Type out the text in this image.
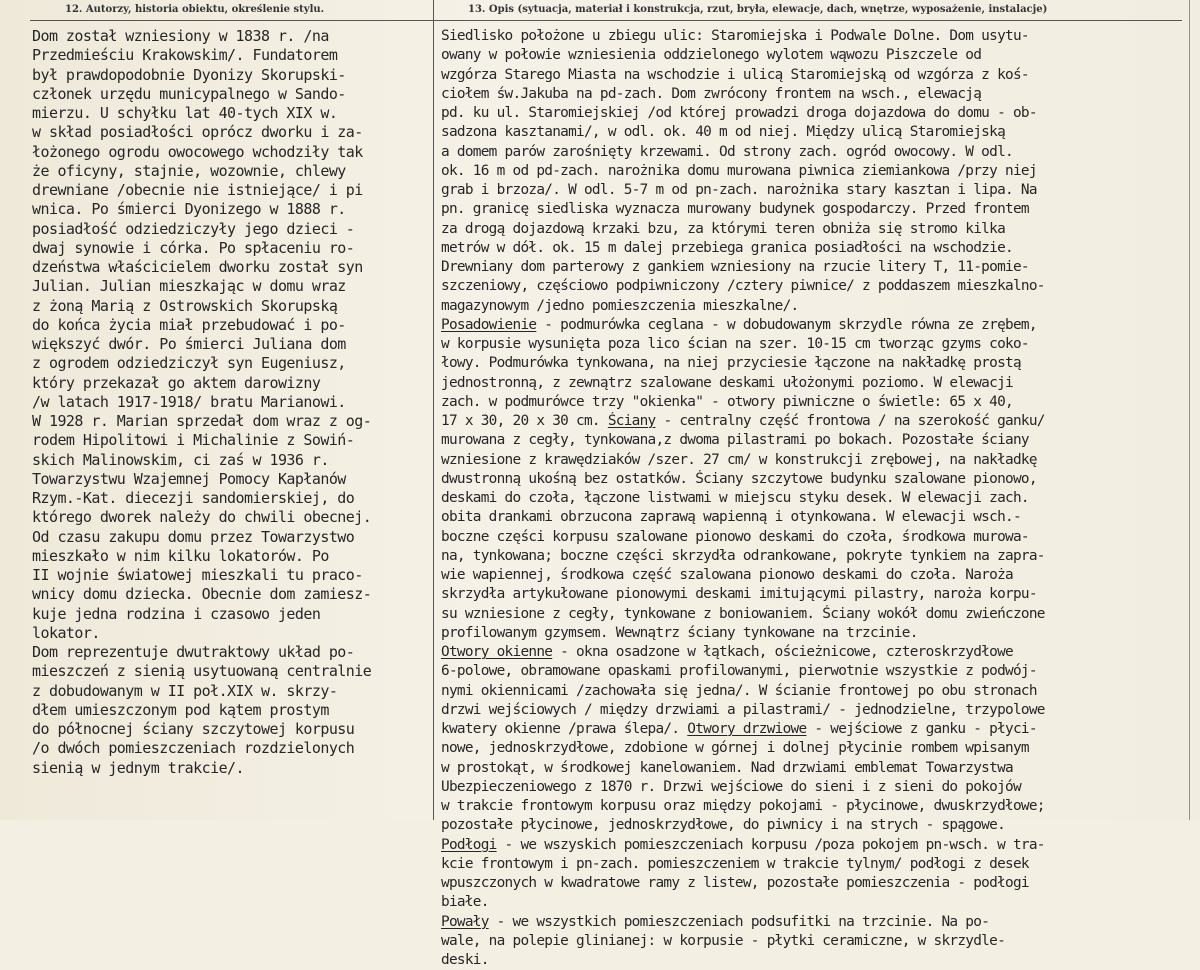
12. Autorzy, historia obiektu, określenie stylu.	13. Opis (sytuacja, materiał i konstrukcja, rzut, bryła, elewacje, dach, wnętrze, wyposażenie, instalacje)
Dom został wzniesiony w 1838 r. /na
Przedmieściu Krakowskim/. Fundatorem
był prawdopodobnie Dyonizy Skorupski-
członek urzędu municypalnego w Sando-
mierzu. U schyłku lat 40-tych XIX w.
w skład posiadłości oprócz dworku i za-
łożonego ogrodu owocowego wchodziły tak
że oficyny, stajnie, wozownie, chlewy
drewniane /obecnie nie istniejące/ i pi
wnica. Po śmierci Dyonizego w 1888 r.
posiadłość odziedziczyły jego dzieci -
dwaj synowie i córka. Po spłaceniu ro-
dzeństwa właścicielem dworku został syn
Julian. Julian mieszkając w domu wraz
z żoną Marią z Ostrowskich Skorupską
do końca życia miał przebudować i po-
większyć dwór. Po śmierci Juliana dom
z ogrodem odziedziczył syn Eugeniusz,
który przekazał go aktem darowizny
/w latach 1917-1918/ bratu Marianowi.
W 1928 r. Marian sprzedał dom wraz z og-
rodem Hipolitowi i Michalinie z Sowiń-
skich Malinowskim, ci zaś w 1936 r.
Towarzystwu Wzajemnej Pomocy Kapłanów
Rzym.-Kat. diecezji sandomierskiej, do
którego dworek należy do chwili obecnej.
Od czasu zakupu domu przez Towarzystwo
mieszkało w nim kilku lokatorów. Po
II wojnie światowej mieszkali tu praco-
wnicy domu dziecka. Obecnie dom zamiesz-
kuje jedna rodzina i czasowo jeden
lokator.
Dom reprezentuje dwutraktowy układ po-
mieszczeń z sienią usytuowaną centralnie
z dobudowanym w II poł.XIX w. skrzy-
dłem umieszczonym pod kątem prostym
do północnej ściany szczytowej korpusu
/o dwóch pomieszczeniach rozdzielonych
sienią w jednym trakcie/.
Siedlisko położone u zbiegu ulic: Staromiejska i Podwale Dolne. Dom usytu-
owany w połowie wzniesienia oddzielonego wylotem wąwozu Piszczele od
wzgórza Starego Miasta na wschodzie i ulicą Staromiejską od wzgórza z koś-
ciołem św.Jakuba na pd-zach. Dom zwrócony frontem na wsch., elewacją
pd. ku ul. Staromiejskiej /od której prowadzi droga dojazdowa do domu - ob-
sadzona kasztanami/, w odl. ok. 40 m od niej. Między ulicą Staromiejską
a domem parów zarośnięty krzewami. Od strony zach. ogród owocowy. W odl.
ok. 16 m od pd-zach. narożnika domu murowana piwnica ziemiankowa /przy niej
grab i brzoza/. W odl. 5-7 m od pn-zach. narożnika stary kasztan i lipa. Na
pn. granicę siedliska wyznacza murowany budynek gospodarczy. Przed frontem
za drogą dojazdową krzaki bzu, za którymi teren obniża się stromo kilka
metrów w dół. ok. 15 m dalej przebiega granica posiadłości na wschodzie.
Drewniany dom parterowy z gankiem wzniesiony na rzucie litery T, 11-pomie-
szczeniowy, częściowo podpiwniczony /cztery piwnice/ z poddaszem mieszkalno-
magazynowym /jedno pomieszczenia mieszkalne/.
Posadowienie - podmurówka ceglana - w dobudowanym skrzydle równa ze zrębem,
w korpusie wysunięta poza lico ścian na szer. 10-15 cm tworząc gzyms coko-
łowy. Podmurówka tynkowana, na niej przyciesie łączone na nakładkę prostą
jednostronną, z zewnątrz szalowane deskami ułożonymi poziomo. W elewacji
zach. w podmurówce trzy "okienka" - otwory piwniczne o świetle: 65 x 40,
17 x 30, 20 x 30 cm. Ściany - centralny część frontowa / na szerokość ganku/
murowana z cegły, tynkowana,z dwoma pilastrami po bokach. Pozostałe ściany
wzniesione z krawędziaków /szer. 27 cm/ w konstrukcji zrębowej, na nakładkę
dwustronną ukośną bez ostatków. Ściany szczytowe budynku szalowane pionowo,
deskami do czoła, łączone listwami w miejscu styku desek. W elewacji zach.
obita drankami obrzucona zaprawą wapienną i otynkowana. W elewacji wsch.-
boczne części korpusu szalowane pionowo deskami do czoła, środkowa murowa-
na, tynkowana; boczne części skrzydła odrankowane, pokryte tynkiem na zapra-
wie wapiennej, środkowa część szalowana pionowo deskami do czoła. Naroża
skrzydła artykułowane pionowymi deskami imitującymi pilastry, naroża korpu-
su wzniesione z cegły, tynkowane z boniowaniem. Ściany wokół domu zwieńczone
profilowanym gzymsem. Wewnątrz ściany tynkowane na trzcinie.
Otwory okienne - okna osadzone w łątkach, ościeżnicowe, czteroskrzydłowe
6-polowe, obramowane opaskami profilowanymi, pierwotnie wszystkie z podwój-
nymi okiennicami /zachowała się jedna/. W ścianie frontowej po obu stronach
drzwi wejściowych / między drzwiami a pilastrami/ - jednodzielne, trzypolowe
kwatery okienne /prawa ślepa/. Otwory drzwiowe - wejściowe z ganku - płyci-
nowe, jednoskrzydłowe, zdobione w górnej i dolnej płycinie rombem wpisanym
w prostokąt, w środkowej kanelowaniem. Nad drzwiami emblemat Towarzystwa
Ubezpieczeniowego z 1870 r. Drzwi wejściowe do sieni i z sieni do pokojów
w trakcie frontowym korpusu oraz między pokojami - płycinowe, dwuskrzydłowe;
pozostałe płycinowe, jednoskrzydłowe, do piwnicy i na strych - spągowe.
Podłogi - we wszyskich pomieszczeniach korpusu /poza pokojem pn-wsch. w tra-
kcie frontowym i pn-zach. pomieszczeniem w trakcie tylnym/ podłogi z desek
wpuszczonych w kwadratowe ramy z listew, pozostałe pomieszczenia - podłogi
białe.
Powały - we wszystkich pomieszczeniach podsufitki na trzcinie. Na po-
wale, na polepie glinianej: w korpusie - płytki ceramiczne, w skrzydle-
deski.
